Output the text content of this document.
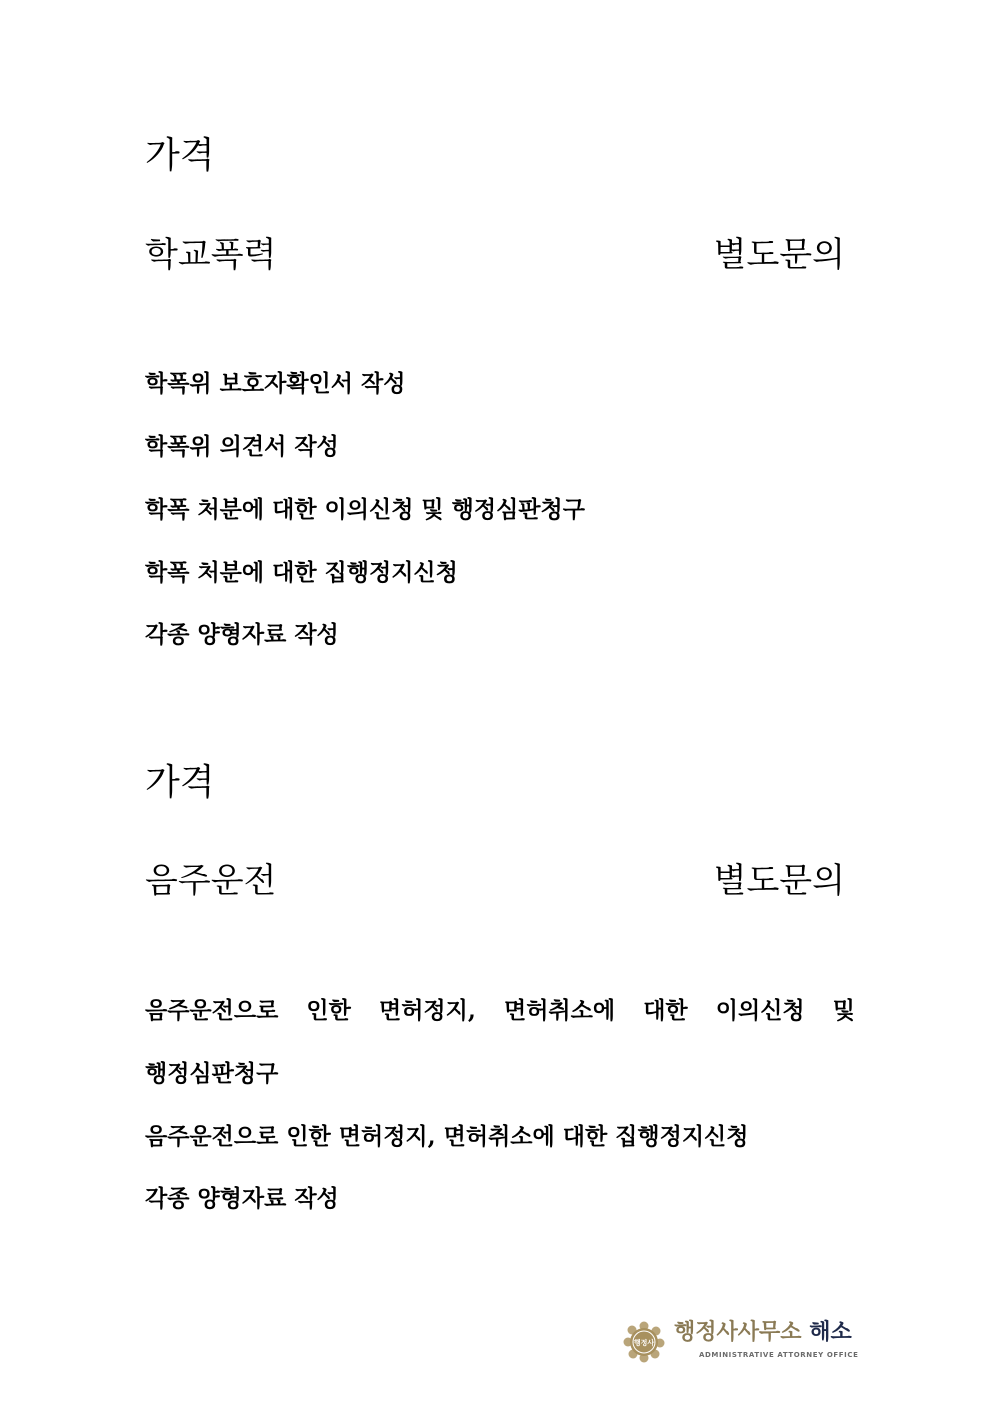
가격
학교폭력	별도문의
학폭위 보호자확인서 작성
학폭위 의견서 작성
학폭 처분에 대한 이의신청 및 행정심판청구
학폭 처분에 대한 집행정지신청
각종 양형자료 작성
가격
음주운전	별도문의
음주운전으로 인한 면허정지, 면허취소에 대한 이의신청 및
행정심판청구
음주운전으로 인한 면허정지, 면허취소에 대한 집행정지신청
각종 양형자료 작성
행정사 행정사사무소 해소
ADMINISTRATIVE ATTORNEY OFFICE
